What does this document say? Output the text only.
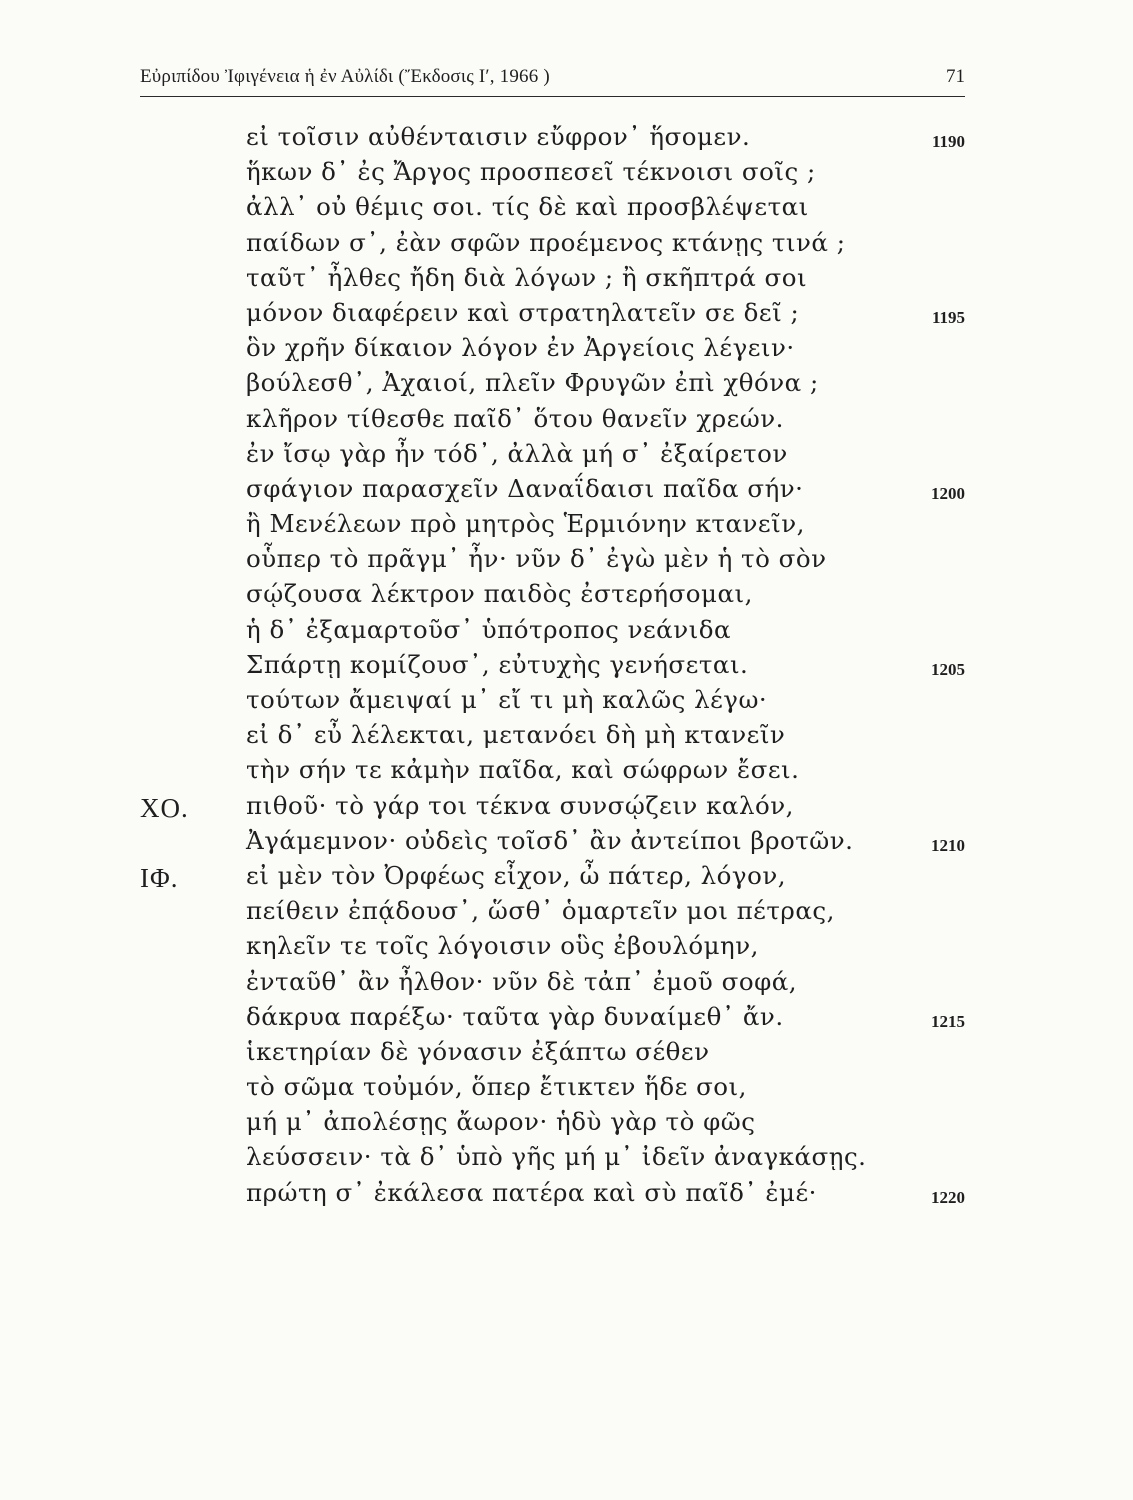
Εὐριπίδου Ἰφιγένεια ἡ ἐν Αὐλίδι (Ἔκδοσις Ιʹ, 1966 )	71
εἰ τοῖσιν αὐθένταισιν εὔφρον᾽ ἥσομεν.	1190
ἥκων δ᾽ ἐς Ἄργος προσπεσεῖ τέκνοισι σοῖς ;
ἀλλ᾽ οὐ θέμις σοι. τίς δὲ καὶ προσβλέψεται
παίδων σ᾽, ἐὰν σφῶν προέμενος κτάνῃς τινά ;
ταῦτ᾽ ἦλθες ἤδη διὰ λόγων ; ἢ σκῆπτρά σοι
μόνον διαφέρειν καὶ στρατηλατεῖν σε δεῖ ;	1195
ὃν χρῆν δίκαιον λόγον ἐν Ἀργείοις λέγειν·
βούλεσθ᾽, Ἀχαιοί, πλεῖν Φρυγῶν ἐπὶ χθόνα ;
κλῆρον τίθεσθε παῖδ᾽ ὅτου θανεῖν χρεών.
ἐν ἴσῳ γὰρ ἦν τόδ᾽, ἀλλὰ μή σ᾽ ἐξαίρετον
σφάγιον παρασχεῖν Δαναΐδαισι παῖδα σήν·	1200
ἢ Μενέλεων πρὸ μητρὸς Ἑρμιόνην κτανεῖν,
οὗπερ τὸ πρᾶγμ᾽ ἦν· νῦν δ᾽ ἐγὼ μὲν ἡ τὸ σὸν
σῴζουσα λέκτρον παιδὸς ἐστερήσομαι,
ἡ δ᾽ ἐξαμαρτοῦσ᾽ ὑπότροπος νεάνιδα
Σπάρτῃ κομίζουσ᾽, εὐτυχὴς γενήσεται.	1205
τούτων ἄμειψαί μ᾽ εἴ τι μὴ καλῶς λέγω·
εἰ δ᾽ εὖ λέλεκται, μετανόει δὴ μὴ κτανεῖν
τὴν σήν τε κἀμὴν παῖδα, καὶ σώφρων ἔσει.
ΧΟ. πιθοῦ· τὸ γάρ τοι τέκνα συνσῴζειν καλόν,
Ἀγάμεμνον· οὐδεὶς τοῖσδ᾽ ἂν ἀντείποι βροτῶν.	1210
ΙΦ.	εἰ μὲν τὸν Ὀρφέως εἶχον, ὦ πάτερ, λόγον,
πείθειν ἐπᾴδουσ᾽, ὥσθ᾽ ὁμαρτεῖν μοι πέτρας,
κηλεῖν τε τοῖς λόγοισιν οὓς ἐβουλόμην,
ἐνταῦθ᾽ ἂν ἦλθον· νῦν δὲ τἀπ᾽ ἐμοῦ σοφά,
δάκρυα παρέξω· ταῦτα γὰρ δυναίμεθ᾽ ἄν.	1215
ἱκετηρίαν δὲ γόνασιν ἐξάπτω σέθεν
τὸ σῶμα τοὐμόν, ὅπερ ἔτικτεν ἥδε σοι,
μή μ᾽ ἀπολέσῃς ἄωρον· ἡδὺ γὰρ τὸ φῶς
λεύσσειν· τὰ δ᾽ ὑπὸ γῆς μή μ᾽ ἰδεῖν ἀναγκάσῃς.
πρώτη σ᾽ ἐκάλεσα πατέρα καὶ σὺ παῖδ᾽ ἐμέ·	1220
